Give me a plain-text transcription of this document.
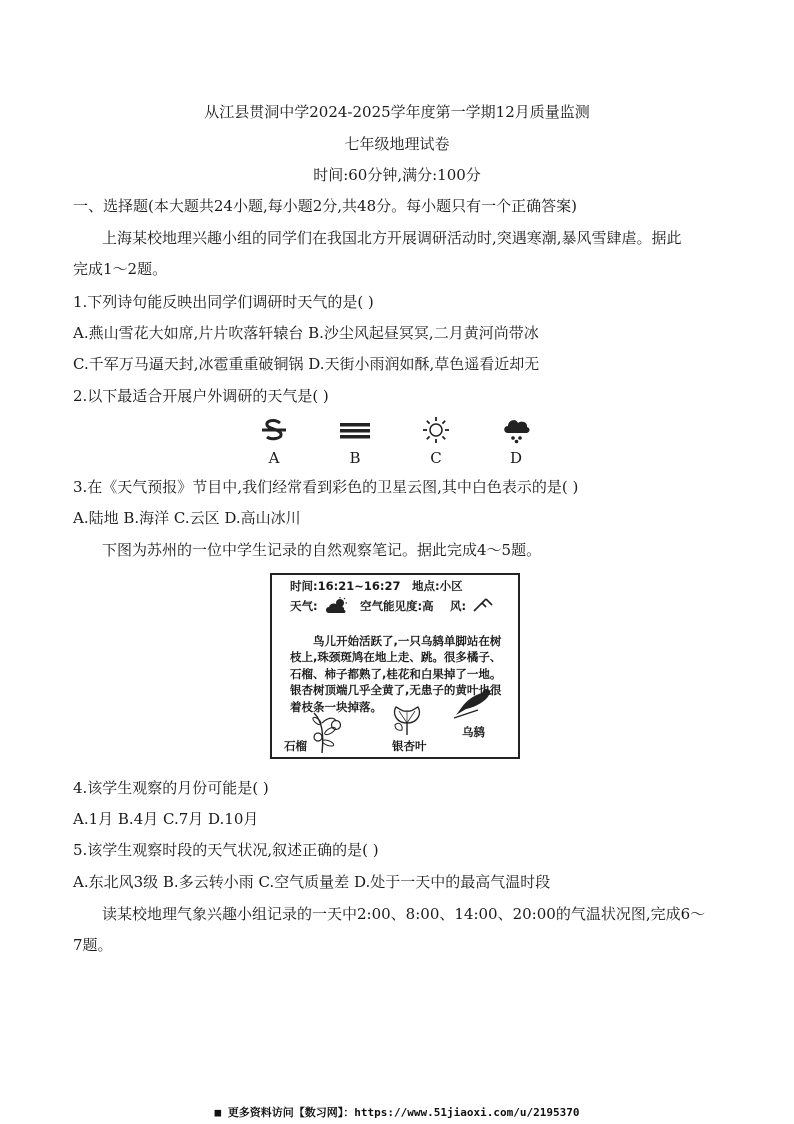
从江县贯洞中学2024-2025学年度第一学期12月质量监测
七年级地理试卷
时间:60分钟,满分:100分
一、选择题(本大题共24小题,每小题2分,共48分。每小题只有一个正确答案)
上海某校地理兴趣小组的同学们在我国北方开展调研活动时,突遇寒潮,暴风雪肆虐。据此
完成1～2题。
1.下列诗句能反映出同学们调研时天气的是( )
A.燕山雪花大如席,片片吹落轩辕台 B.沙尘风起昼冥冥,二月黄河尚带冰
C.千军万马逼天封,冰雹重重破铜锅 D.天街小雨润如酥,草色遥看近却无
2.以下最适合开展户外调研的天气是( )
A	B	C	D
3.在《天气预报》节目中,我们经常看到彩色的卫星云图,其中白色表示的是( )
A.陆地 B.海洋 C.云区 D.高山冰川
下图为苏州的一位中学生记录的自然观察笔记。据此完成4～5题。
时间:16:21~16:27 地点:小区
天气:	空气能见度:高 风:
鸟儿开始活跃了,一只乌鸫单脚站在树枝上,珠颈斑鸠在地上走、跳。很多橘子、石榴、柿子都熟了,桂花和白果掉了一地。银杏树顶端几乎全黄了,无患子的黄叶也很着枝条一块掉落。
石榴	银杏叶
乌鸫
4.该学生观察的月份可能是( )
A.1月 B.4月 C.7月 D.10月
5.该学生观察时段的天气状况,叙述正确的是( )
A.东北风3级 B.多云转小雨 C.空气质量差 D.处于一天中的最高气温时段
读某校地理气象兴趣小组记录的一天中2:00、8:00、14:00、20:00的气温状况图,完成6～
7题。
■ 更多资料访问【数习网】：https://www.51jiaoxi.com/u/2195370
